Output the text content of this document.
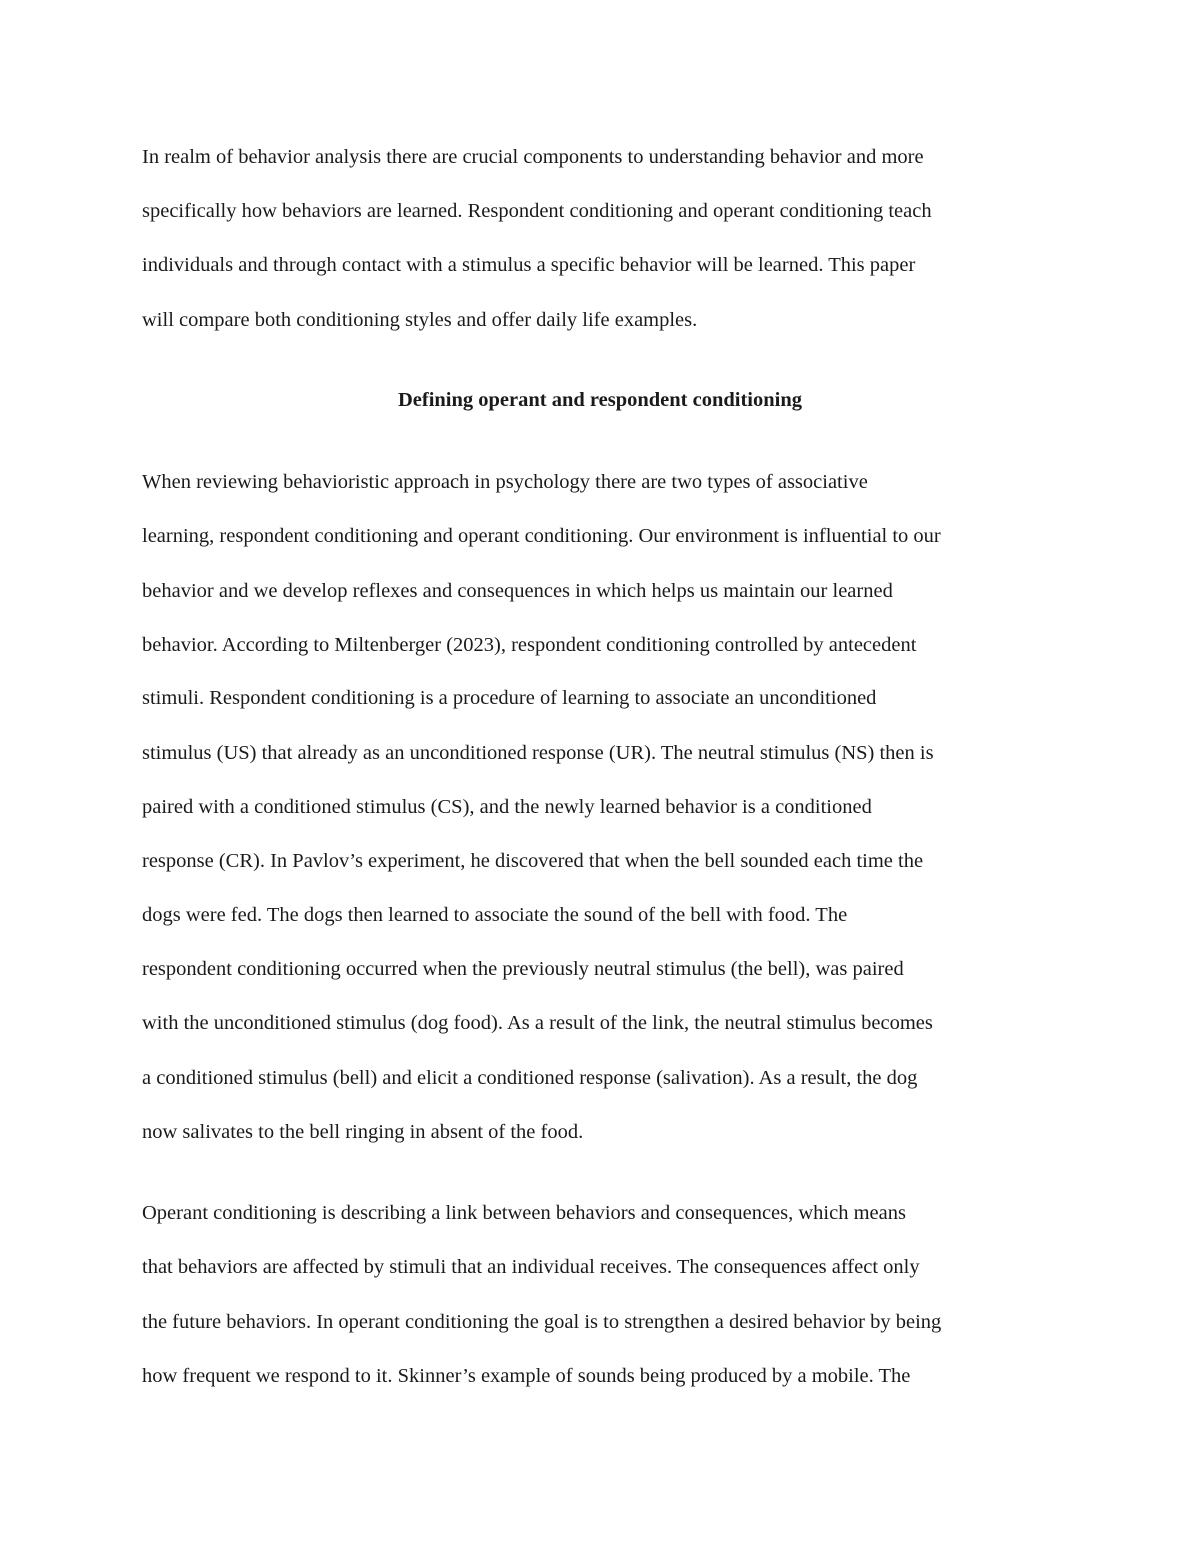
In realm of behavior analysis there are crucial components to understanding behavior and more

specifically how behaviors are learned. Respondent conditioning and operant conditioning teach

individuals and through contact with a stimulus a specific behavior will be learned. This paper

will compare both conditioning styles and offer daily life examples.

Defining operant and respondent conditioning

When reviewing behavioristic approach in psychology there are two types of associative

learning, respondent conditioning and operant conditioning. Our environment is influential to our

behavior and we develop reflexes and consequences in which helps us maintain our learned

behavior. According to Miltenberger (2023), respondent conditioning controlled by antecedent

stimuli. Respondent conditioning is a procedure of learning to associate an unconditioned

stimulus (US) that already as an unconditioned response (UR). The neutral stimulus (NS) then is

paired with a conditioned stimulus (CS), and the newly learned behavior is a conditioned

response (CR). In Pavlov’s experiment, he discovered that when the bell sounded each time the

dogs were fed. The dogs then learned to associate the sound of the bell with food. The

respondent conditioning occurred when the previously neutral stimulus (the bell), was paired

with the unconditioned stimulus (dog food). As a result of the link, the neutral stimulus becomes

a conditioned stimulus (bell) and elicit a conditioned response (salivation). As a result, the dog

now salivates to the bell ringing in absent of the food.

Operant conditioning is describing a link between behaviors and consequences, which means

that behaviors are affected by stimuli that an individual receives. The consequences affect only

the future behaviors. In operant conditioning the goal is to strengthen a desired behavior by being

how frequent we respond to it. Skinner’s example of sounds being produced by a mobile. The
